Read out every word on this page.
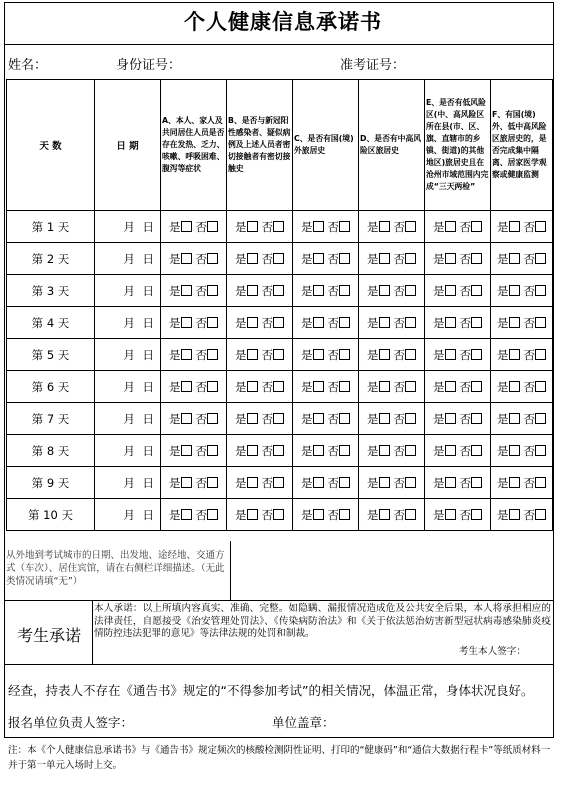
个人健康信息承诺书
姓名：	身份证号：	准考证号：
天 数	日 期	A、本人、家人及共同居住人员是否存在发热、乏力、咳嗽、呼吸困难、腹泻等症状	B、是否与新冠阳性感染者、疑似病例及上述人员者密切接触者有密切接触史	C、是否有国(境)外旅居史	D、是否有中高风险区旅居史	E、是否有低风险区(中、高风险区所在县(市、区、旗、直辖市的乡镇、街道)的其他地区)旅居史且在沧州市域范围内完成“三天两检”	F、有国(境)外、低中高风险区旅居史的，是否完成集中隔离、居家医学观察或健康监测
第 1 天	月 日	是 否	是 否	是 否	是 否	是 否	是 否
第 2 天	月 日	是 否	是 否	是 否	是 否	是 否	是 否
第 3 天	月 日	是 否	是 否	是 否	是 否	是 否	是 否
第 4 天	月 日	是 否	是 否	是 否	是 否	是 否	是 否
第 5 天	月 日	是 否	是 否	是 否	是 否	是 否	是 否
第 6 天	月 日	是 否	是 否	是 否	是 否	是 否	是 否
第 7 天	月 日	是 否	是 否	是 否	是 否	是 否	是 否
第 8 天	月 日	是 否	是 否	是 否	是 否	是 否	是 否
第 9 天	月 日	是 否	是 否	是 否	是 否	是 否	是 否
第 10 天	月 日	是 否	是 否	是 否	是 否	是 否	是 否
从外地到考试城市的日期、出发地、途经地、交通方式（车次）、居住宾馆，请在右侧栏详细描述。（无此类情况请填“无”）
考生承诺
本人承诺：以上所填内容真实、准确、完整。如隐瞒、漏报情况造成危及公共安全后果，本人将承担相应的法律责任，自愿接受《治安管理处罚法》、《传染病防治法》和《关于依法惩治妨害新型冠状病毒感染肺炎疫情防控违法犯罪的意见》等法律法规的处罚和制裁。
考生本人签字：
经查，持表人不存在《通告书》规定的“不得参加考试”的相关情况，体温正常，身体状况良好。
报名单位负责人签字：	单位盖章：
注：本《个人健康信息承诺书》与《通告书》规定频次的核酸检测阴性证明、打印的“健康码”和“通信大数据行程卡”等纸质材料一并于第一单元入场时上交。
